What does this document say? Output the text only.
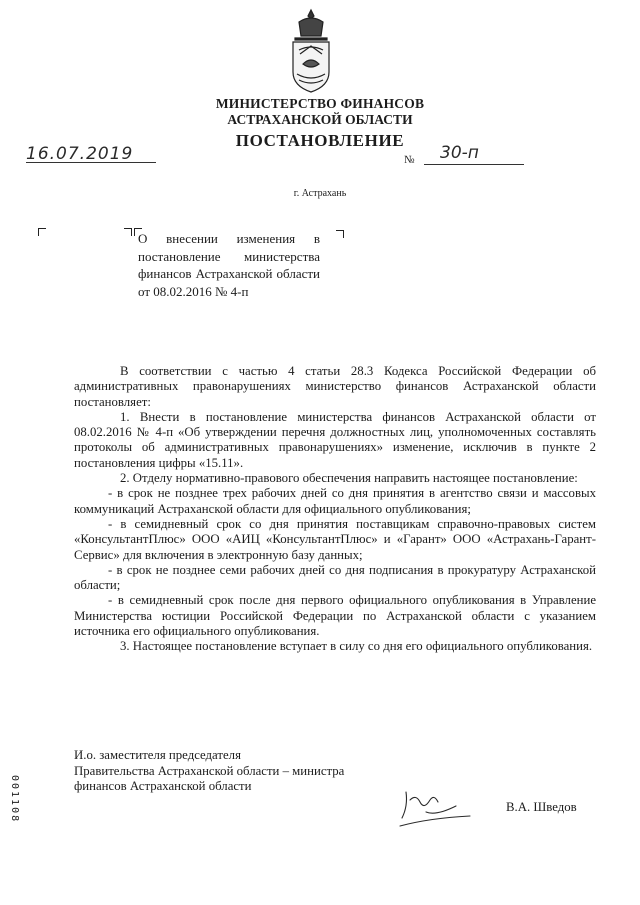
МИНИСТЕРСТВО ФИНАНСОВ
АСТРАХАНСКОЙ ОБЛАСТИ
ПОСТАНОВЛЕНИЕ
16.07.2019	№ 30-п
г. Астрахань
О внесении изменения в постановление министерства финансов Астраханской области от 08.02.2016 № 4-п

В соответствии с частью 4 статьи 28.3 Кодекса Российской Федерации об административных правонарушениях министерство финансов Астраханской области постановляет:

1. Внести в постановление министерства финансов Астраханской области от 08.02.2016 № 4-п «Об утверждении перечня должностных лиц, уполномоченных составлять протоколы об административных правонарушениях» изменение, исключив в пункте 2 постановления цифры «15.11».

2. Отделу нормативно-правового обеспечения направить настоящее постановление:

- в срок не позднее трех рабочих дней со дня принятия в агентство связи и массовых коммуникаций Астраханской области для официального опубликования;

- в семидневный срок со дня принятия поставщикам справочно-правовых систем «КонсультантПлюс» ООО «АИЦ «КонсультантПлюс» и «Гарант» ООО «Астрахань-Гарант-Сервис» для включения в электронную базу данных;

- в срок не позднее семи рабочих дней со дня подписания в прокуратуру Астраханской области;

- в семидневный срок после дня первого официального опубликования в Управление Министерства юстиции Российской Федерации по Астраханской области с указанием источника его официального опубликования.

3. Настоящее постановление вступает в силу со дня его официального опубликования.

И.о. заместителя председателя
Правительства Астраханской области – министра
финансов Астраханской области
В.А. Шведов
001108
